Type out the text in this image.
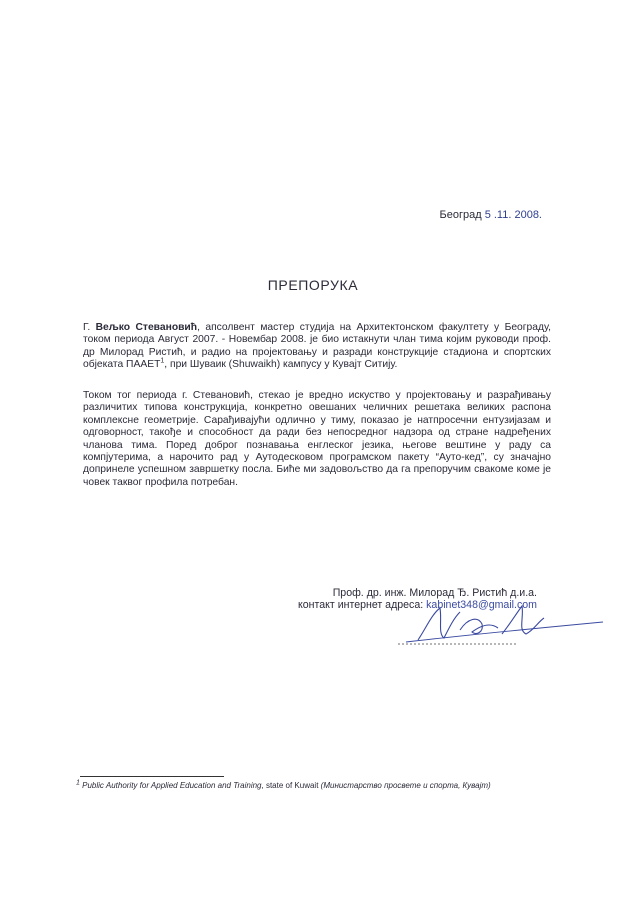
Београд 5 .11. 2008.
ПРЕПОРУКА

Г. Вељко Стевановић, апсолвент мастер студија на Архитектонском факултету у Београду, током периода Август 2007. - Новембар 2008. је био истакнути члан тима којим руководи проф. др Милорад Ристић, и радио на пројектовању и разради конструкције стадиона и спортских објеката ПААЕТ$^1$, при Шуваик (Shuwaikh) кампусу у Кувајт Ситију.

Током тог периода г. Стевановић, стекао је вредно искуство у пројектовању и разрађивању различитих типова конструкција, конкретно овешаних челичних решетака великих распона комплексне геометрије. Сарађивајући одлично у тиму, показао је натпросечни ентузијазам и одговорност, такође и способност да ради без непосредног надзора од стране надређених чланова тима. Поред доброг познавања енглеског језика, његове вештине у раду са компјутерима, а нарочито рад у Аутодесковом програмском пакету “Ауто-кед”, су значајно допринеле успешном завршетку посла. Биће ми задовољство да га препоручим свакоме коме је човек таквог профила потребан.

Проф. др. инж. Милорад Ђ. Ристић д.и.а.
контакт интернет адреса: kabinet348@gmail.com
$^1$ Public Authority for Applied Education and Training, state of Kuwait (Министарство просвете и спорта, Кувајт)
